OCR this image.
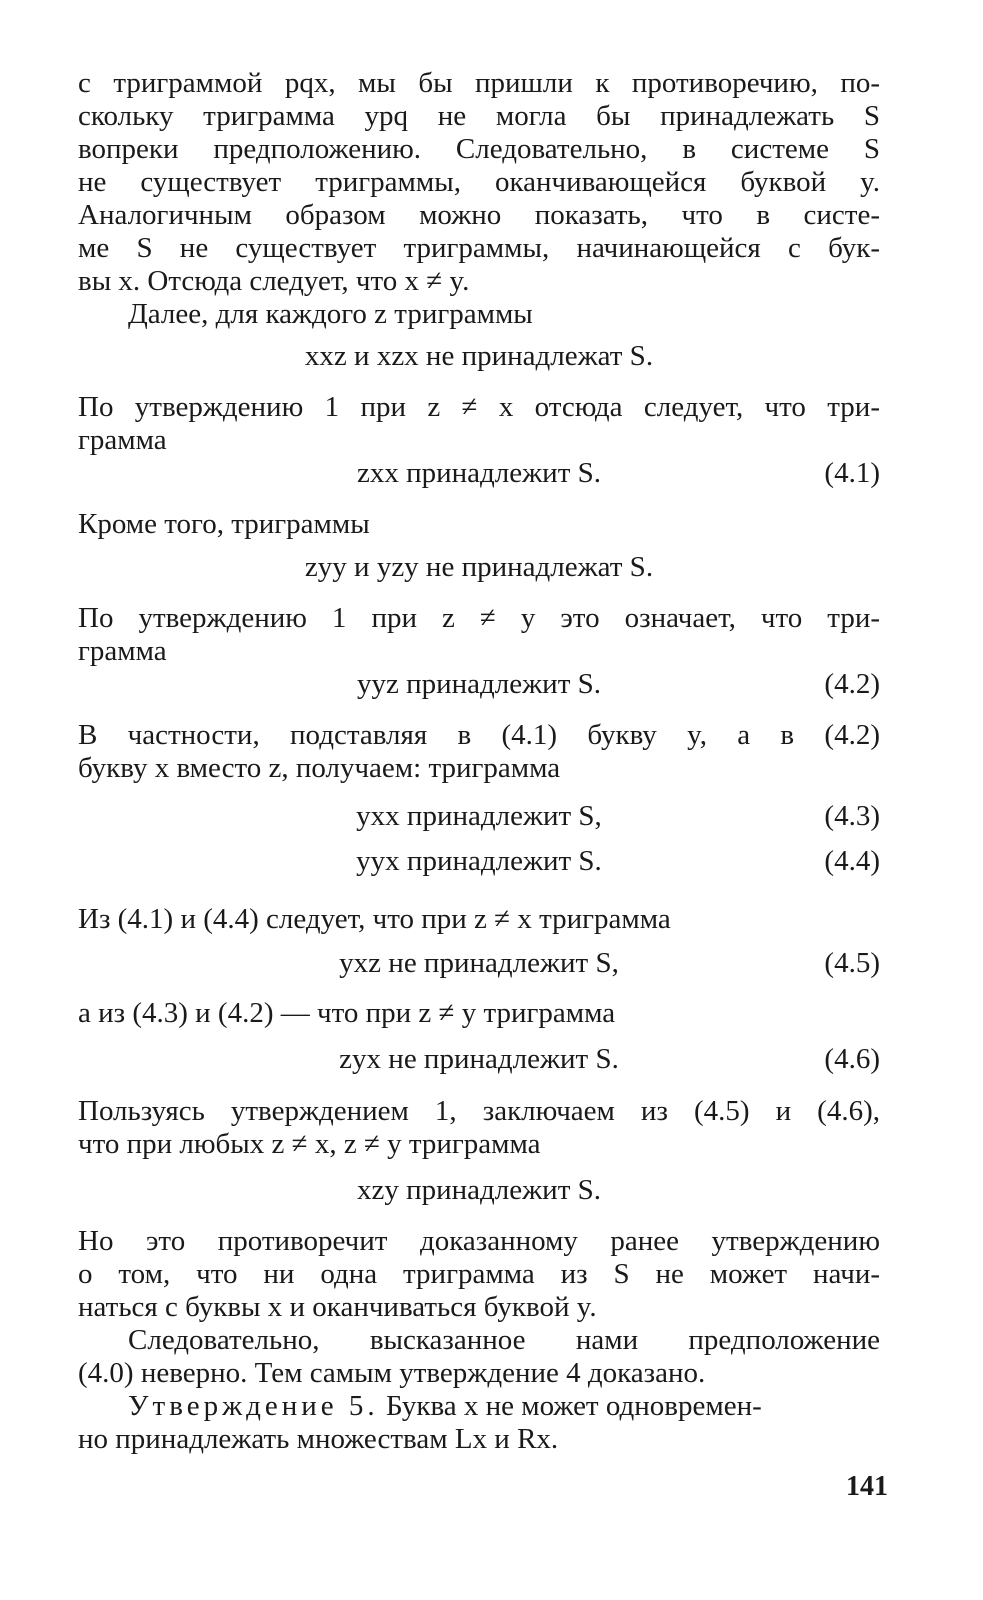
с триграммой pqx, мы бы пришли к противоречию, по-
скольку триграмма ypq не могла бы принадлежать S
вопреки предположению. Следовательно, в системе S
не существует триграммы, оканчивающейся буквой y.
Аналогичным образом можно показать, что в систе-
ме S не существует триграммы, начинающейся с бук-
вы x. Отсюда следует, что x ≠ y.
Далее, для каждого z триграммы
xxz и xzx не принадлежат S.
По утверждению 1 при z ≠ x отсюда следует, что три-
грамма
zxx принадлежит S.	(4.1)
Кроме того, триграммы
zyy и yzy не принадлежат S.
По утверждению 1 при z ≠ y это означает, что три-
грамма
yyz принадлежит S.	(4.2)
В частности, подставляя в (4.1) букву y, а в (4.2)
букву x вместо z, получаем: триграмма
yxx принадлежит S,	(4.3)
yyx принадлежит S.	(4.4)
Из (4.1) и (4.4) следует, что при z ≠ x триграмма
yxz не принадлежит S,	(4.5)
а из (4.3) и (4.2) — что при z ≠ y триграмма
zyx не принадлежит S.	(4.6)
Пользуясь утверждением 1, заключаем из (4.5) и (4.6),
что при любых z ≠ x, z ≠ y триграмма
xzy принадлежит S.
Но это противоречит доказанному ранее утверждению
о том, что ни одна триграмма из S не может начи-
наться с буквы x и оканчиваться буквой y.
Следовательно, высказанное нами предположение
(4.0) неверно. Тем самым утверждение 4 доказано.
Утверждение 5. Буква x не может одновремен-
но принадлежать множествам Lx и Rx.
141
